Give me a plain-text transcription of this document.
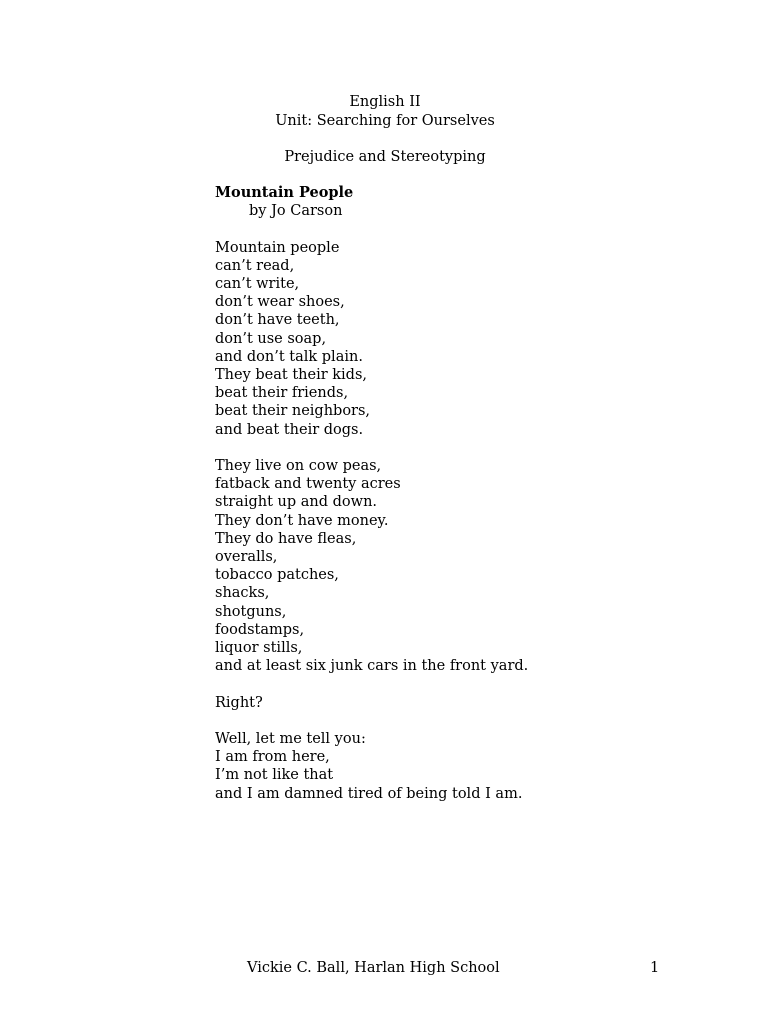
English II
Unit: Searching for Ourselves
Prejudice and Stereotyping
Mountain People
by Jo Carson
Mountain people
can’t read,
can’t write,
don’t wear shoes,
don’t have teeth,
don’t use soap,
and don’t talk plain.
They beat their kids,
beat their friends,
beat their neighbors,
and beat their dogs.
They live on cow peas,
fatback and twenty acres
straight up and down.
They don’t have money.
They do have fleas,
overalls,
tobacco patches,
shacks,
shotguns,
foodstamps,
liquor stills,
and at least six junk cars in the front yard.
Right?
Well, let me tell you:
I am from here,
I’m not like that
and I am damned tired of being told I am.
Vickie C. Ball, Harlan High School	1
